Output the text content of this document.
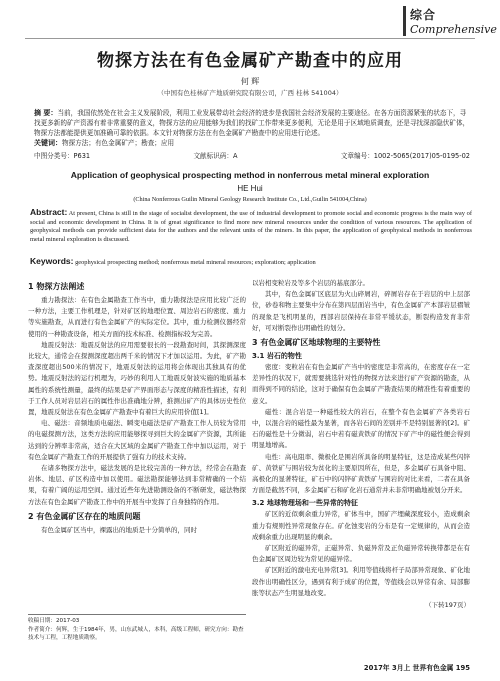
综合
Comprehensive
物探方法在有色金属矿产勘查中的应用
何 辉
（中国有色桂林矿产地质研究院有限公司，广西 桂林 541004）
摘 要：当前，我国依然处在社会主义发展阶段，利用工业发展带动社会经济的进步是我国社会经济发展的主要途径。在各方面资源紧张的状态下，寻找更多新的矿产资源有着非常重要的意义，物探方法的应用能够为我们的找矿工作带来更多便利，无论是用于区域地质调查，还是寻找深部隐伏矿体，物探方法都能提供更加准确可靠的依据。本文针对物探方法在有色金属矿产勘查中的应用进行论述。
关键词：物探方法；有色金属矿产；勘查；应用
中图分类号：P631	文献标识码：A	文章编号：1002-5065(2017)05-0195-02
Application of geophysical prospecting method in nonferrous metal mineral exploration
HE Hui
(China Nonferrous Guilin Mineral Geology Research Institute Co., Ltd.,Guilin 541004,China)
Abstract: At present, China is still in the stage of socialist development, the use of industrial development to promote social and economic progress is the main way of social and economic development in China. It is of great significance to find more new mineral resources under the condition of various resources. The application of geophysical methods can provide sufficient data for the authors and the relevant units of the miners. In this paper, the application of geophysical methods in nonferrous metal mineral exploration is discussed.
Keywords: geophysical prospecting method; nonferrous metal mineral resources; exploration; application
1 物探方法阐述

重力勘探法：在有色金属勘查工作当中，重力勘探法是应用比较广泛的一种方法，主要工作机理是，针对矿区的地理位置、周边岩石的密度、重力等实施勘查，从而进行有色金属矿产的实际定位。其中，重力检测仪器经常使用的一种勘查设备，相关方面的技术标准、检测指标较为完善。

地震反射法：地震反射法的应用需要很长的一段勘查时间，其探测深度比较大，通常会在探测深度超出两千米的情况下才加以运用。为此，矿产勘查深度超出500米的情况下，地震反射法的运用将会体现出其独具有的优势。地震反射法的运行机理为，巧妙的利用人工地震反射波实施的地质基本属性的系统性测量，最终的结果是矿产界面形态与深度的精准性描述，有利于工作人员对岩层岩石的属性作出准确地分辨，推测出矿产的具体历史性位置，地震反射法在有色金属矿产勘查中有着巨大的应用价值[1]。

电、磁法：音频地质电磁法、瞬变电磁法是矿产勘查工作人员较为常用的电磁探测方法，这类方法的应用能够探寻到巨大的金属矿产资源，其所能达到的分辨率非常高，适合在大区域的金属矿产勘查工作中加以运用，对于有色金属矿产勘查工作的开展提供了强有力的技术支持。

在诸多物探方法中，磁法发展的是比较完善的一种方法，经常会在勘查岩体、地层、矿区构造中加以使用。磁法勘探能够达到非常精确的一个结果，有着广阔的运用空间。通过近些年先进勘测设备的不断研发，磁法物探方法在有色金属矿产勘查工作中的开展当中发挥了自身独特的作用。

2 有色金属矿区存在的地质问题

有色金属矿区当中，裸露出的地质是十分简单的，同时

以岩相变粒岩及等多个岩层的基底部分。

其中，有色金属矿区底层为火山碎屑岩，碎屑岩存在于岩层的中上层部位，砂卷和物主要集中分布在第四层面岩当中，有色金属矿产本部岩层褶皱的现象是飞机明显的，西部岩层保持在非常平缓状态，断裂构造发育非常好，可对断裂作出明确性的划分。

3 有色金属矿区地球物理的主要特性
3.1 岩石的物性

密度：变粒岩在有色金属矿产当中的密度是非常高的，在密度存在一定差异性的状况下，就需要挑选针对性的物探方法来进行矿产资源的勘查，从而得到不同的结论，这对于确保有色金属矿产勘查结果的精准性有着重要的意义。

磁性：混合岩是一种磁性较大的岩石，在整个有色金属矿产各类岩石中，以混合岩的磁性最为显著，而各岩石间的差别并不是特别显著的[2]。矿石的磁性是十分微弱，岩石中若有磁黄铁矿的情况下矿产中的磁性便会得到明显地增高。

电性：高电阻率、微极化是围岩所具备的明显特征，这是造成某些闪锌矿、黄铁矿与围岩较为贫化的主要原因所在，但是，多金属矿石具备中阻、高极化的显著特征，矿石中的闪锌矿黄铁矿与围岩的对比来看，二者在具备方面是截然不同，多金属矿石和矿化岩石通常并未非常明确地被划分开来。

3.2 地球物理场和一些异常的特征

矿区的近似剩余重力异常，矿体当中，国矿产埋藏深度较小，造成剩余重力有规则性异常现象存在。矿化蚀变岩的分布是有一定规律的，从而会造成剩余重力出现明显的剩余。

矿区附近的磁异常，正磁异常、负磁异常及正负磁异常转换带都是在有色金属矿区周边较为常见的磁异常。

矿区附近的激电充电异常[3]。利用等值线将杆子局部异常现象、矿化地段作出明确性区分，遇到有利于成矿的位置，等值线会以异常有余、局部膨胀等状态产生明显地改变。

（下转197页）
收稿日期：2017-03
作者简介：何辉，生于1984年，男，山东武城人，本科，高级工程师，研究方向：勘查技术与工程，工程地质勘察。
2017年 3月上 世界有色金属 195
